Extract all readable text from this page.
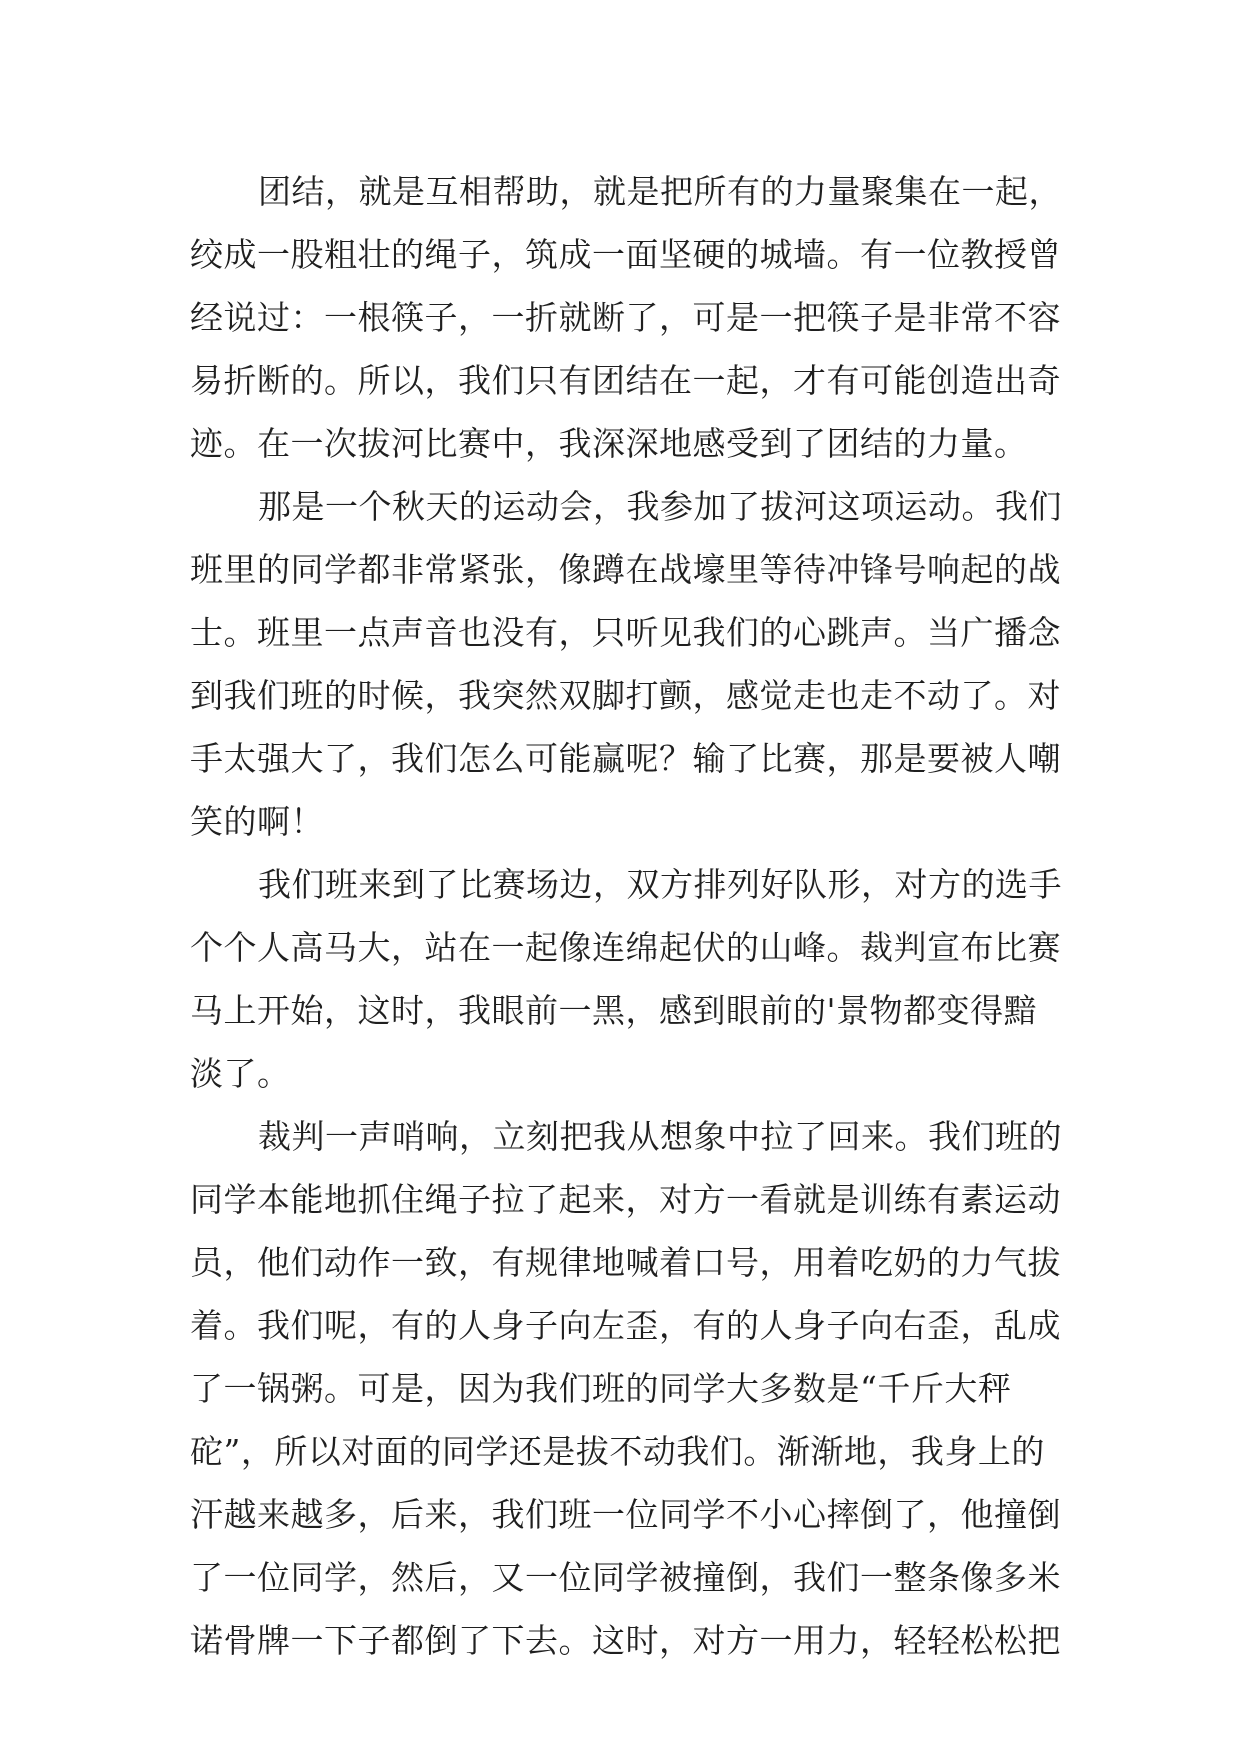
团结，就是互相帮助，就是把所有的力量聚集在一起，
绞成一股粗壮的绳子，筑成一面坚硬的城墙。有一位教授曾
经说过：一根筷子，一折就断了，可是一把筷子是非常不容
易折断的。所以，我们只有团结在一起，才有可能创造出奇
迹。在一次拔河比赛中，我深深地感受到了团结的力量。
那是一个秋天的运动会，我参加了拔河这项运动。我们
班里的同学都非常紧张，像蹲在战壕里等待冲锋号响起的战
士。班里一点声音也没有，只听见我们的心跳声。当广播念
到我们班的时候，我突然双脚打颤，感觉走也走不动了。对
手太强大了，我们怎么可能赢呢？输了比赛，那是要被人嘲
笑的啊！
我们班来到了比赛场边，双方排列好队形，对方的选手
个个人高马大，站在一起像连绵起伏的山峰。裁判宣布比赛
马上开始，这时，我眼前一黑，感到眼前的'景物都变得黯
淡了。
裁判一声哨响，立刻把我从想象中拉了回来。我们班的
同学本能地抓住绳子拉了起来，对方一看就是训练有素运动
员，他们动作一致，有规律地喊着口号，用着吃奶的力气拔
着。我们呢，有的人身子向左歪，有的人身子向右歪，乱成
了一锅粥。可是，因为我们班的同学大多数是“千斤大秤
砣”，所以对面的同学还是拔不动我们。渐渐地，我身上的
汗越来越多，后来，我们班一位同学不小心摔倒了，他撞倒
了一位同学，然后，又一位同学被撞倒，我们一整条像多米
诺骨牌一下子都倒了下去。这时，对方一用力，轻轻松松把
